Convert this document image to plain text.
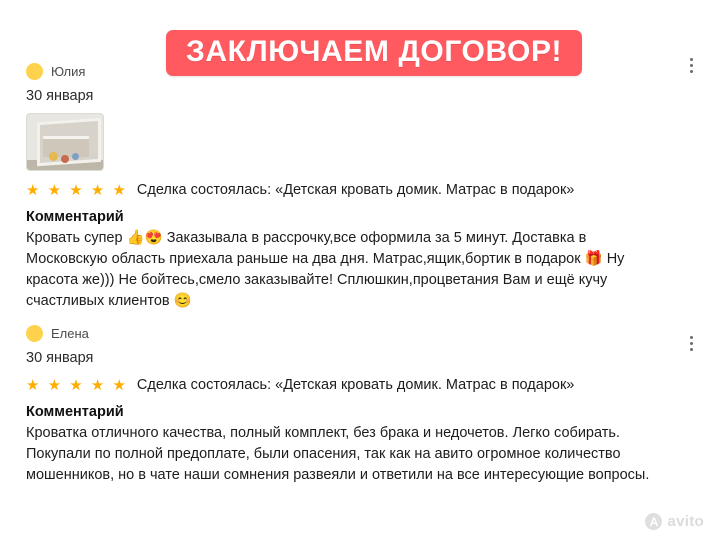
ЗАКЛЮЧАЕМ ДОГОВОР!
Юлия
30 января
★ ★ ★ ★ ★ Сделка состоялась: «Детская кровать домик. Матрас в подарок»
Комментарий
Кровать супер 👍😍 Заказывала в рассрочку,все оформила за 5 минут. Доставка в Московскую область приехала раньше на два дня. Матрас,ящик,бортик в подарок 🎁 Ну красота же))) Не бойтесь,смело заказывайте! Сплюшкин,процветания Вам и ещё кучу счастливых клиентов 😊
Елена
30 января
★ ★ ★ ★ ★ Сделка состоялась: «Детская кровать домик. Матрас в подарок»
Комментарий
Кроватка отличного качества, полный комплект, без брака и недочетов. Легко собирать. Покупали по полной предоплате, были опасения, так как на авито огромное количество мошенников, но в чате наши сомнения развеяли и ответили на все интересующие вопросы.
A avito
